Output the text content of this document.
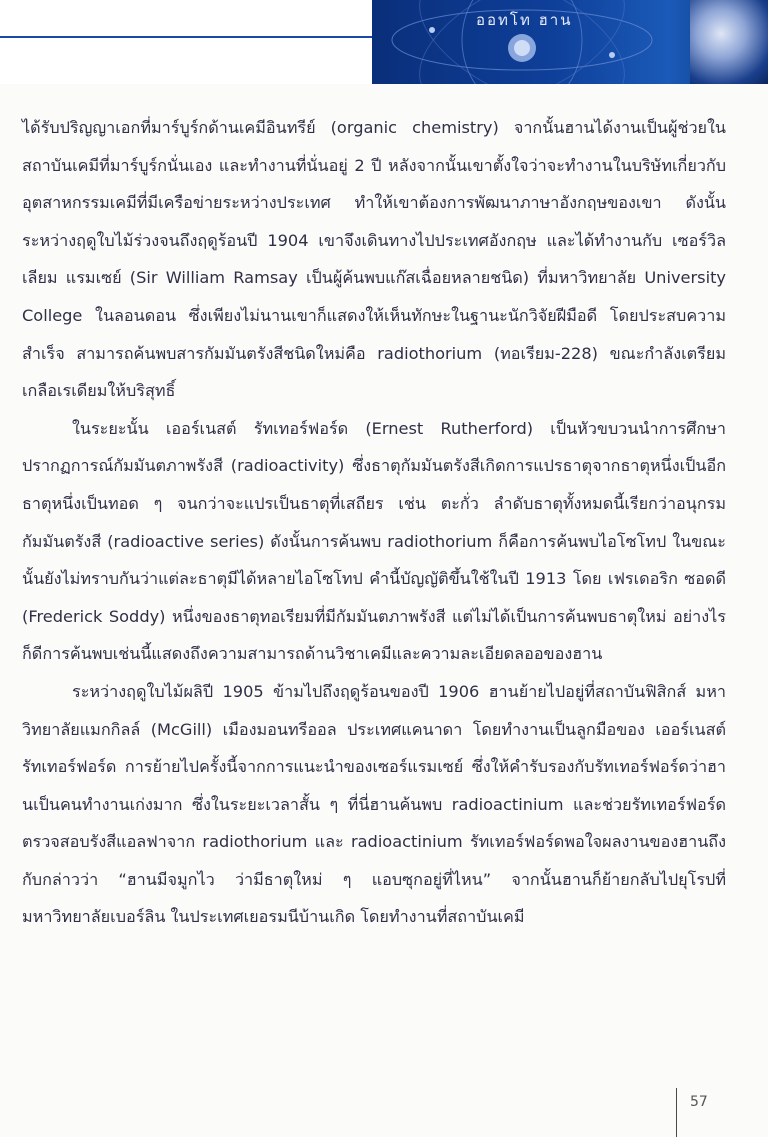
ออทโท ฮาน

ได้รับปริญญาเอกที่มาร์บูร์กด้านเคมีอินทรีย์ (organic chemistry) จากนั้นฮานได้งานเป็นผู้ช่วยในสถาบันเคมีที่มาร์บูร์กนั่นเอง และทำงานที่นั่นอยู่ 2 ปี หลังจากนั้นเขาตั้งใจว่าจะทำงานในบริษัทเกี่ยวกับอุตสาหกรรมเคมีที่มีเครือข่ายระหว่างประเทศ ทำให้เขาต้องการพัฒนาภาษาอังกฤษของเขา ดังนั้นระหว่างฤดูใบไม้ร่วงจนถึงฤดูร้อนปี 1904 เขาจึงเดินทางไปประเทศอังกฤษ และได้ทำงานกับ เซอร์วิลเลียม แรมเซย์ (Sir William Ramsay เป็นผู้ค้นพบแก๊สเฉื่อยหลายชนิด) ที่มหาวิทยาลัย University College ในลอนดอน ซึ่งเพียงไม่นานเขาก็แสดงให้เห็นทักษะในฐานะนักวิจัยฝีมือดี โดยประสบความสำเร็จ สามารถค้นพบสารกัมมันตรังสีชนิดใหม่คือ radiothorium (ทอเรียม-228) ขณะกำลังเตรียมเกลือเรเดียมให้บริสุทธิ์

ในระยะนั้น เออร์เนสต์ รัทเทอร์ฟอร์ด (Ernest Rutherford) เป็นหัวขบวนนำการศึกษาปรากฏการณ์กัมมันตภาพรังสี (radioactivity) ซึ่งธาตุกัมมันตรังสีเกิดการแปรธาตุจากธาตุหนึ่งเป็นอีกธาตุหนึ่งเป็นทอด ๆ จนกว่าจะแปรเป็นธาตุที่เสถียร เช่น ตะกั่ว ลำดับธาตุทั้งหมดนี้เรียกว่าอนุกรมกัมมันตรังสี (radioactive series) ดังนั้นการค้นพบ radiothorium ก็คือการค้นพบไอโซโทป ในขณะนั้นยังไม่ทราบกันว่าแต่ละธาตุมีได้หลายไอโซโทป คำนี้บัญญัติขึ้นใช้ในปี 1913 โดย เฟรเดอริก ซอดดี (Frederick Soddy) หนึ่งของธาตุทอเรียมที่มีกัมมันตภาพรังสี แต่ไม่ได้เป็นการค้นพบธาตุใหม่ อย่างไรก็ดีการค้นพบเช่นนี้แสดงถึงความสามารถด้านวิชาเคมีและความละเอียดลออของฮาน

ระหว่างฤดูใบไม้ผลิปี 1905 ข้ามไปถึงฤดูร้อนของปี 1906 ฮานย้ายไปอยู่ที่สถาบันฟิสิกส์ มหาวิทยาลัยแมกกิลล์ (McGill) เมืองมอนทรีออล ประเทศแคนาดา โดยทำงานเป็นลูกมือของ เออร์เนสต์ รัทเทอร์ฟอร์ด การย้ายไปครั้งนี้จากการแนะนำของเซอร์แรมเซย์ ซึ่งให้คำรับรองกับรัทเทอร์ฟอร์ดว่าฮานเป็นคนทำงานเก่งมาก ซึ่งในระยะเวลาสั้น ๆ ที่นี่ฮานค้นพบ radioactinium และช่วยรัทเทอร์ฟอร์ดตรวจสอบรังสีแอลฟาจาก radiothorium และ radioactinium รัทเทอร์ฟอร์ดพอใจผลงานของฮานถึงกับกล่าวว่า “ฮานมีจมูกไว ว่ามีธาตุใหม่ ๆ แอบซุกอยู่ที่ไหน” จากนั้นฮานก็ย้ายกลับไปยุโรปที่มหาวิทยาลัยเบอร์ลิน ในประเทศเยอรมนีบ้านเกิด โดยทำงานที่สถาบันเคมี

57
